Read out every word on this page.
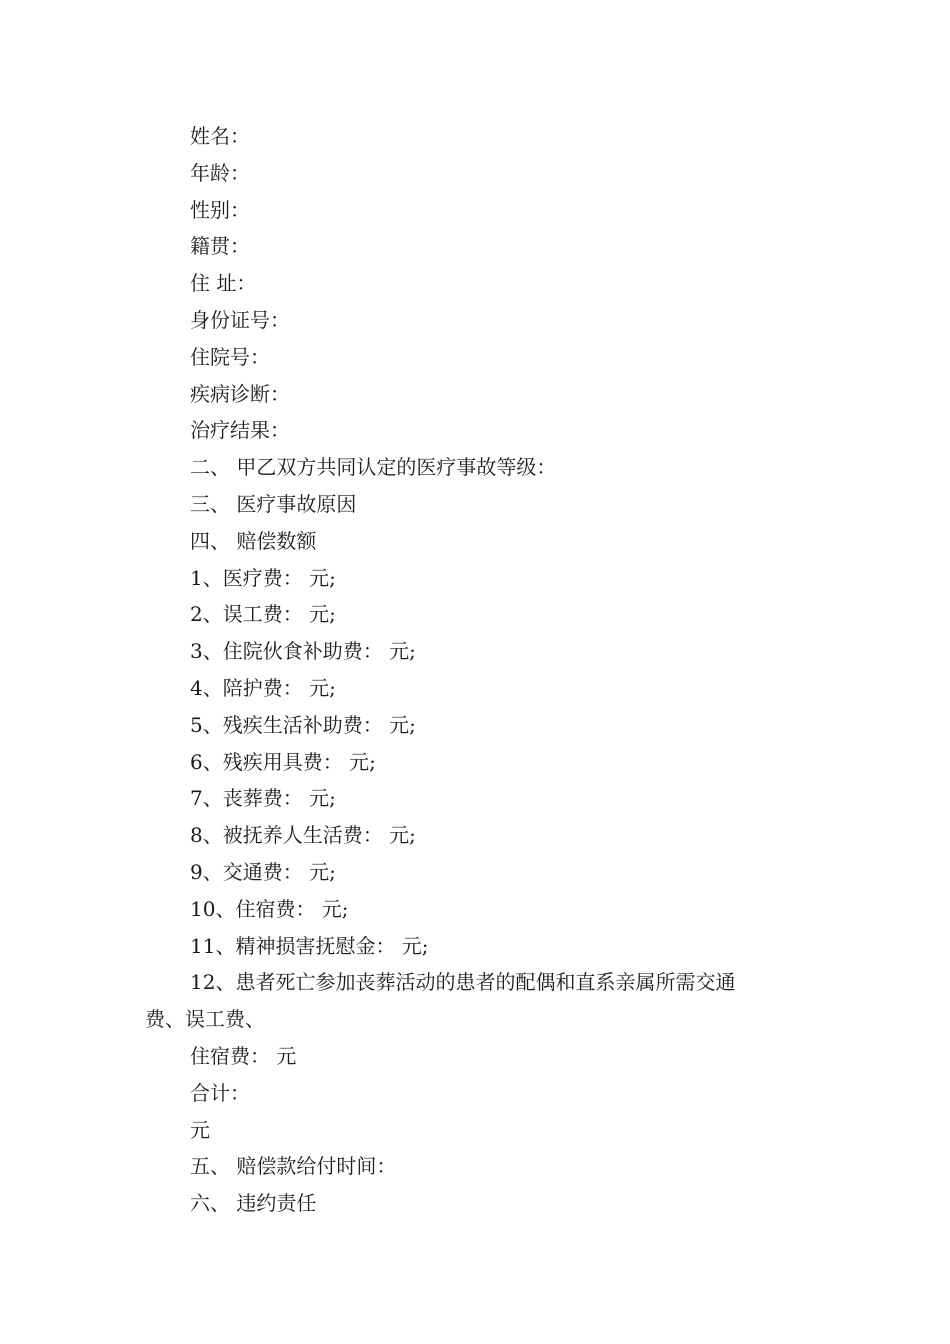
姓名：
年龄：
性别：
籍贯：
住 址：
身份证号：
住院号：
疾病诊断：
治疗结果：
二、 甲乙双方共同认定的医疗事故等级：
三、 医疗事故原因
四、 赔偿数额
1、医疗费： 元;
2、误工费： 元;
3、住院伙食补助费： 元;
4、陪护费： 元;
5、残疾生活补助费： 元;
6、残疾用具费： 元;
7、丧葬费： 元;
8、被抚养人生活费： 元;
9、交通费： 元;
10、住宿费： 元;
11、精神损害抚慰金： 元;
12、患者死亡参加丧葬活动的患者的配偶和直系亲属所需交通
费、误工费、
住宿费： 元
合计：
元
五、 赔偿款给付时间：
六、 违约责任
